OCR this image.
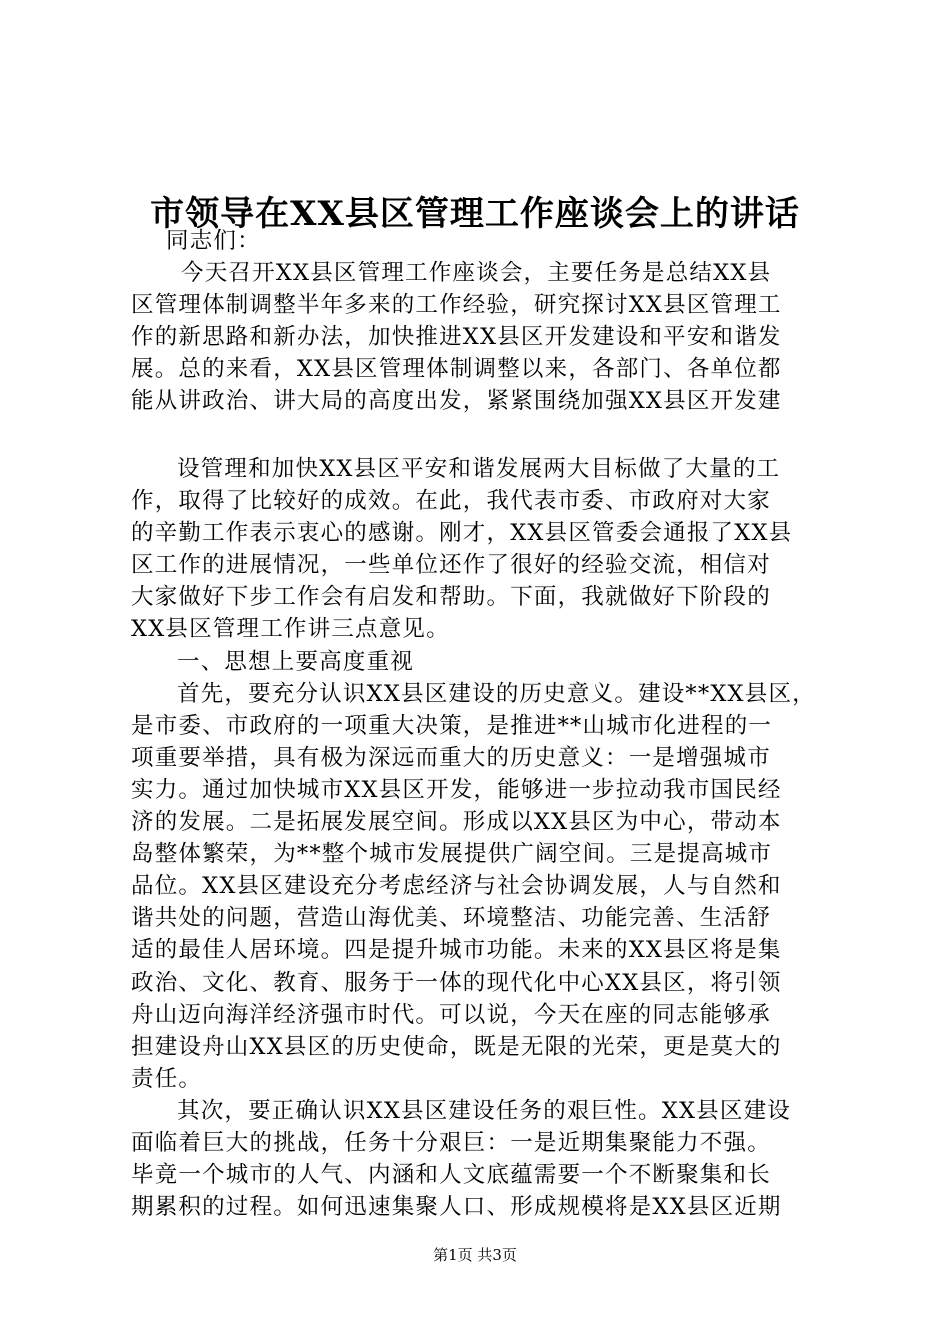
市领导在XX县区管理工作座谈会上的讲话
同志们：
今天召开XX县区管理工作座谈会，主要任务是总结XX县
区管理体制调整半年多来的工作经验，研究探讨XX县区管理工
作的新思路和新办法，加快推进XX县区开发建设和平安和谐发
展。总的来看，XX县区管理体制调整以来，各部门、各单位都
能从讲政治、讲大局的高度出发，紧紧围绕加强XX县区开发建
设管理和加快XX县区平安和谐发展两大目标做了大量的工
作，取得了比较好的成效。在此，我代表市委、市政府对大家
的辛勤工作表示衷心的感谢。刚才，XX县区管委会通报了XX县
区工作的进展情况，一些单位还作了很好的经验交流，相信对
大家做好下步工作会有启发和帮助。下面，我就做好下阶段的
XX县区管理工作讲三点意见。
一、思想上要高度重视
首先，要充分认识XX县区建设的历史意义。建设**XX县区，
是市委、市政府的一项重大决策，是推进**山城市化进程的一
项重要举措，具有极为深远而重大的历史意义：一是增强城市
实力。通过加快城市XX县区开发，能够进一步拉动我市国民经
济的发展。二是拓展发展空间。形成以XX县区为中心，带动本
岛整体繁荣，为**整个城市发展提供广阔空间。三是提高城市
品位。XX县区建设充分考虑经济与社会协调发展，人与自然和
谐共处的问题，营造山海优美、环境整洁、功能完善、生活舒
适的最佳人居环境。四是提升城市功能。未来的XX县区将是集
政治、文化、教育、服务于一体的现代化中心XX县区，将引领
舟山迈向海洋经济强市时代。可以说，今天在座的同志能够承
担建设舟山XX县区的历史使命，既是无限的光荣，更是莫大的
责任。
其次，要正确认识XX县区建设任务的艰巨性。XX县区建设
面临着巨大的挑战，任务十分艰巨：一是近期集聚能力不强。
毕竟一个城市的人气、内涵和人文底蕴需要一个不断聚集和长
期累积的过程。如何迅速集聚人口、形成规模将是XX县区近期
第1页 共3页
